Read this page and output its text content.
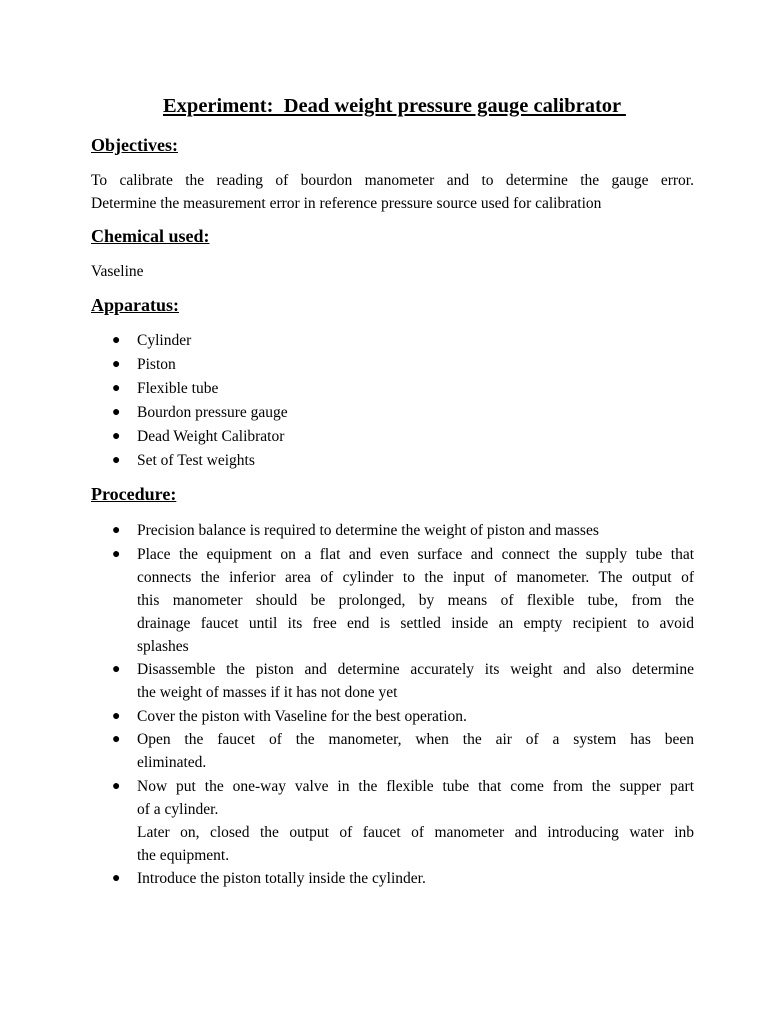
Experiment:  Dead weight pressure gauge calibrator
Objectives:
To calibrate the reading of bourdon manometer and to determine the gauge error.
Determine the measurement error in reference pressure source used for calibration
Chemical used:
Vaseline
Apparatus:
● Cylinder
● Piston
● Flexible tube
● Bourdon pressure gauge
● Dead Weight Calibrator
● Set of Test weights
Procedure:
● Precision balance is required to determine the weight of piston and masses
● Place the equipment on a flat and even surface and connect the supply tube that
connects the inferior area of cylinder to the input of manometer. The output of
this manometer should be prolonged, by means of flexible tube, from the
drainage faucet until its free end is settled inside an empty recipient to avoid
splashes
● Disassemble the piston and determine accurately its weight and also determine
the weight of masses if it has not done yet
● Cover the piston with Vaseline for the best operation.
● Open the faucet of the manometer, when the air of a system has been
eliminated.
● Now put the one-way valve in the flexible tube that come from the supper part
of a cylinder.
Later on, closed the output of faucet of manometer and introducing water inb
the equipment.
● Introduce the piston totally inside the cylinder.
